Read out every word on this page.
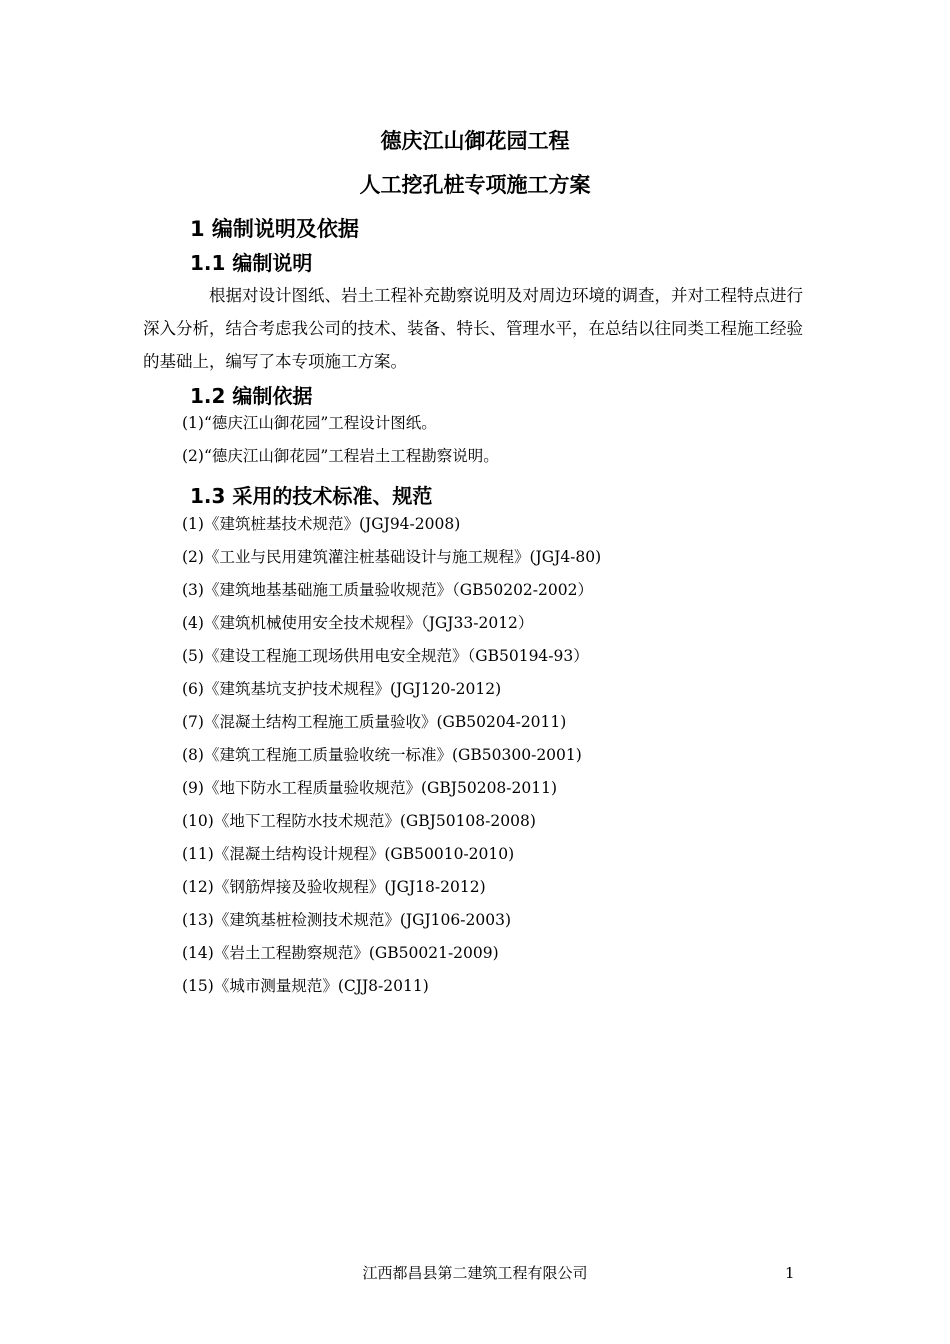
德庆江山御花园工程
人工挖孔桩专项施工方案
1 编制说明及依据
1.1 编制说明
根据对设计图纸、岩土工程补充勘察说明及对周边环境的调查，并对工程特点进行深入分析，结合考虑我公司的技术、装备、特长、管理水平，在总结以往同类工程施工经验的基础上，编写了本专项施工方案。
1.2 编制依据
(1)“德庆江山御花园”工程设计图纸。
(2)“德庆江山御花园”工程岩土工程勘察说明。
1.3 采用的技术标准、规范
(1)《建筑桩基技术规范》(JGJ94-2008)
(2)《工业与民用建筑灌注桩基础设计与施工规程》(JGJ4-80)
(3)《建筑地基基础施工质量验收规范》（GB50202-2002）
(4)《建筑机械使用安全技术规程》（JGJ33-2012）
(5)《建设工程施工现场供用电安全规范》（GB50194-93）
(6)《建筑基坑支护技术规程》(JGJ120-2012)
(7)《混凝土结构工程施工质量验收》(GB50204-2011)
(8)《建筑工程施工质量验收统一标准》(GB50300-2001)
(9)《地下防水工程质量验收规范》(GBJ50208-2011)
(10)《地下工程防水技术规范》(GBJ50108-2008)
(11)《混凝土结构设计规程》(GB50010-2010)
(12)《钢筋焊接及验收规程》(JGJ18-2012)
(13)《建筑基桩检测技术规范》(JGJ106-2003)
(14)《岩土工程勘察规范》(GB50021-2009)
(15)《城市测量规范》(CJJ8-2011)
江西都昌县第二建筑工程有限公司	1
